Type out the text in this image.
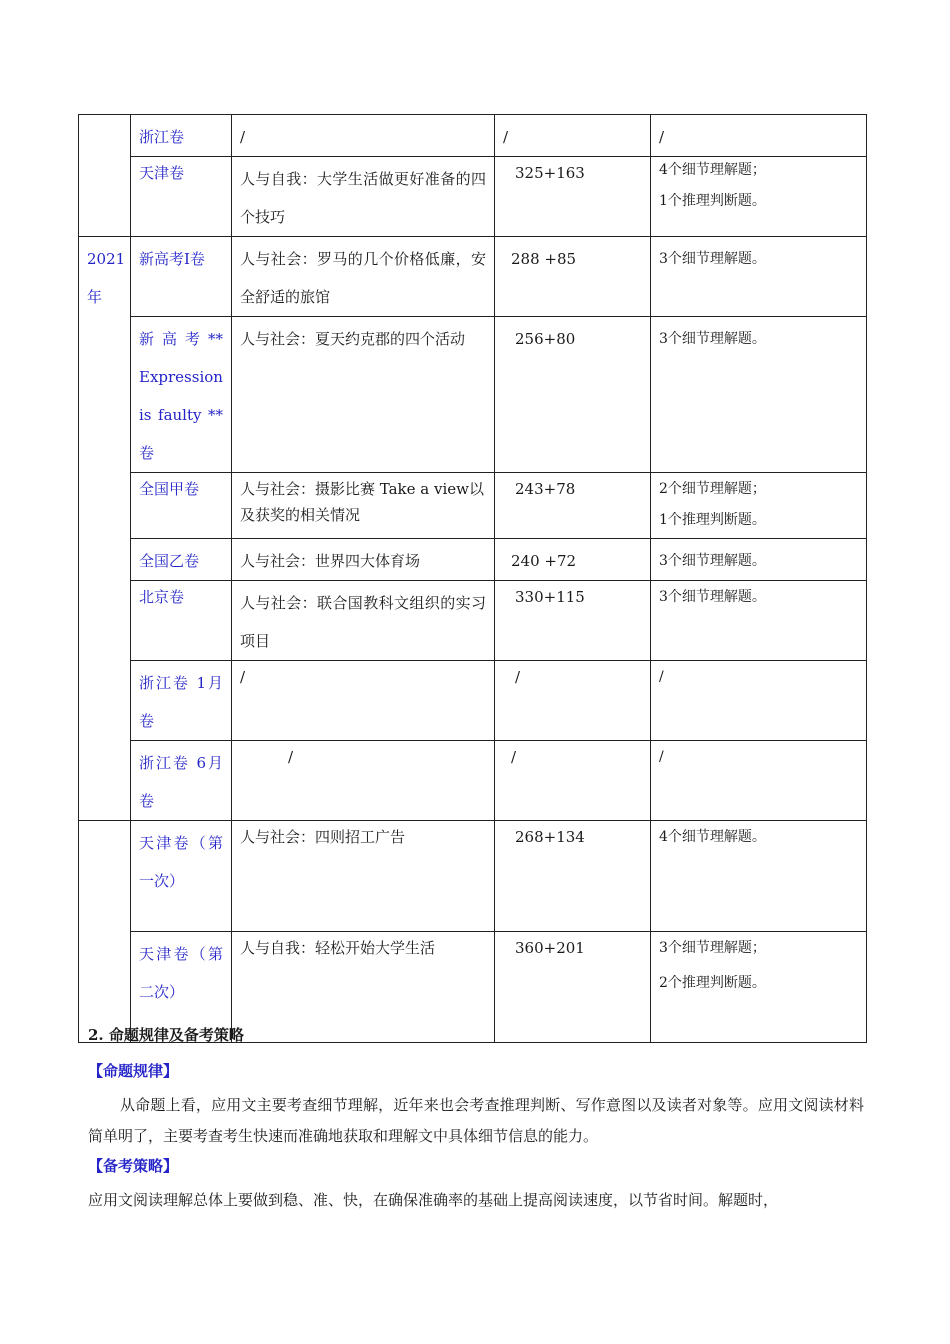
	浙江卷	/	/	/

	天津卷	人与自我：大学生活做更好准备的四个技巧	325+163	4个细节理解题；
1个推理判断题。

2021年	新高考I卷	人与社会：罗马的几个价格低廉，安全舒适的旅馆	288 +85	3个细节理解题。

	新高考** Expression is faulty **卷	人与社会：夏天约克郡的四个活动	256+80	3个细节理解题。

	全国甲卷	人与社会：摄影比赛 Take a view以及获奖的相关情况	243+78	2个细节理解题；
1个推理判断题。

	全国乙卷	人与社会：世界四大体育场	240 +72	3个细节理解题。

	北京卷	人与社会：联合国教科文组织的实习项目	330+115	3个细节理解题。

	浙江卷 1月卷	/	/	/

	浙江卷 6月卷	/	/	/

	天津卷（第一次）	人与社会：四则招工广告	268+134	4个细节理解题。

	天津卷（第二次）	人与自我：轻松开始大学生活	360+201	3个细节理解题；
2个推理判断题。
2. 命题规律及备考策略
【命题规律】
从命题上看，应用文主要考查细节理解，近年来也会考查推理判断、写作意图以及读者对象等。应用文阅读材料简单明了，主要考查考生快速而准确地获取和理解文中具体细节信息的能力。
【备考策略】
应用文阅读理解总体上要做到稳、准、快，在确保准确率的基础上提高阅读速度，以节省时间。解题时，
